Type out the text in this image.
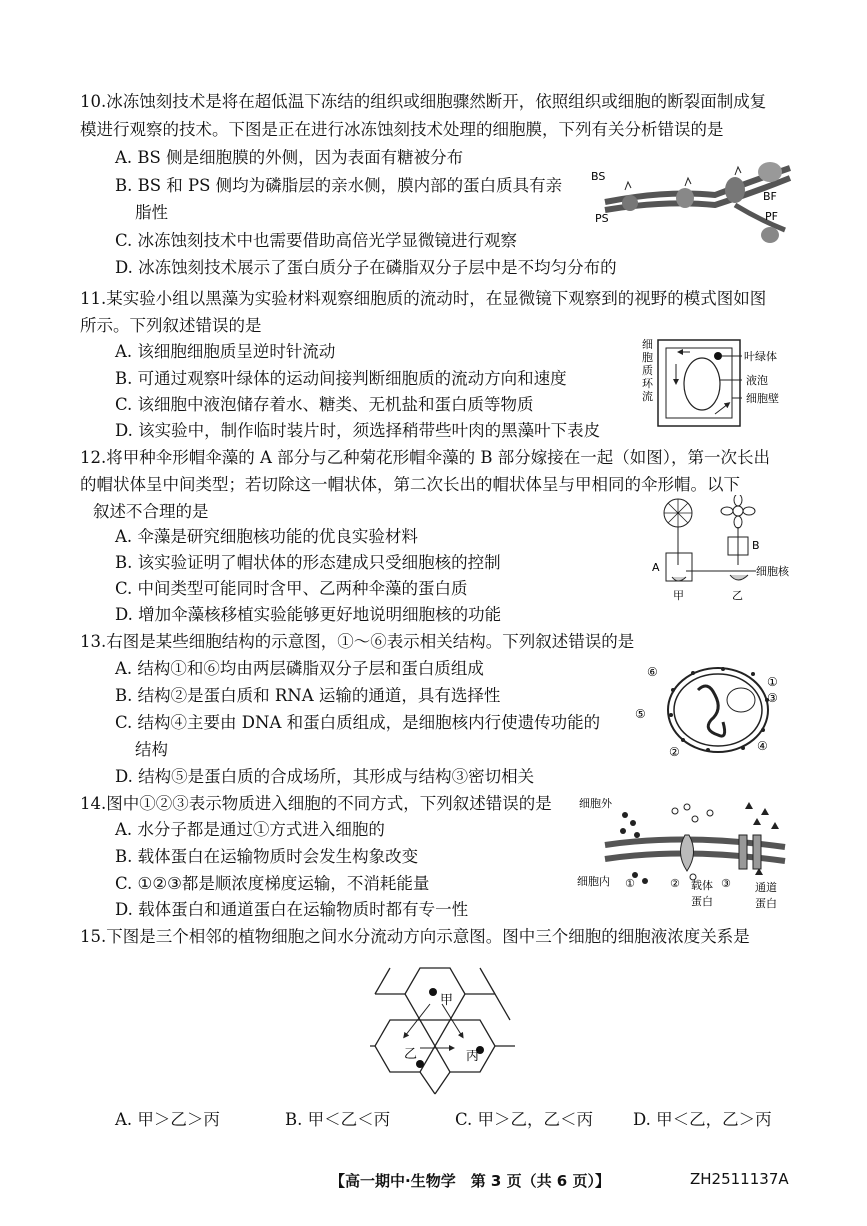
10.冰冻蚀刻技术是将在超低温下冻结的组织或细胞骤然断开，依照组织或细胞的断裂面制成复
模进行观察的技术。下图是正在进行冰冻蚀刻技术处理的细胞膜，下列有关分析错误的是
A. BS 侧是细胞膜的外侧，因为表面有糖被分布
B. BS 和 PS 侧均为磷脂层的亲水侧，膜内部的蛋白质具有亲
脂性
C. 冰冻蚀刻技术中也需要借助高倍光学显微镜进行观察
D. 冰冻蚀刻技术展示了蛋白质分子在磷脂双分子层中是不均匀分布的
BS
PS
BF
PF
11.某实验小组以黑藻为实验材料观察细胞质的流动时，在显微镜下观察到的视野的模式图如图
所示。下列叙述错误的是
A. 该细胞细胞质呈逆时针流动
B. 可通过观察叶绿体的运动间接判断细胞质的流动方向和速度
C. 该细胞中液泡储存着水、糖类、无机盐和蛋白质等物质
D. 该实验中，制作临时装片时，须选择稍带些叶肉的黑藻叶下表皮
细
胞
质
环
流
叶绿体
液泡
细胞壁
12.将甲种伞形帽伞藻的 A 部分与乙种菊花形帽伞藻的 B 部分嫁接在一起（如图），第一次长出
的帽状体呈中间类型；若切除这一帽状体，第二次长出的帽状体呈与甲相同的伞形帽。以下
叙述不合理的是
A. 伞藻是研究细胞核功能的优良实验材料
B. 该实验证明了帽状体的形态建成只受细胞核的控制
C. 中间类型可能同时含甲、乙两种伞藻的蛋白质
D. 增加伞藻核移植实验能够更好地说明细胞核的功能
A
B
细胞核
甲	乙
13.右图是某些细胞结构的示意图，①～⑥表示相关结构。下列叙述错误的是
A. 结构①和⑥均由两层磷脂双分子层和蛋白质组成
B. 结构②是蛋白质和 RNA 运输的通道，具有选择性
C. 结构④主要由 DNA 和蛋白质组成，是细胞核内行使遗传功能的
结构
D. 结构⑤是蛋白质的合成场所，其形成与结构③密切相关
⑥
①
③
⑤
②	④
14.图中①②③表示物质进入细胞的不同方式，下列叙述错误的是
A. 水分子都是通过①方式进入细胞的
B. 载体蛋白在运输物质时会发生构象改变
C. ①②③都是顺浓度梯度运输，不消耗能量
D. 载体蛋白和通道蛋白在运输物质时都有专一性
细胞外
细胞内 ①	②	③
载体
蛋白
通道
蛋白
15.下图是三个相邻的植物细胞之间水分流动方向示意图。图中三个细胞的细胞液浓度关系是
甲
乙	丙
A. 甲＞乙＞丙	B. 甲＜乙＜丙	C. 甲＞乙，乙＜丙 D. 甲＜乙，乙＞丙
【高一期中·生物学　第 3 页（共 6 页）】	ZH2511137A
